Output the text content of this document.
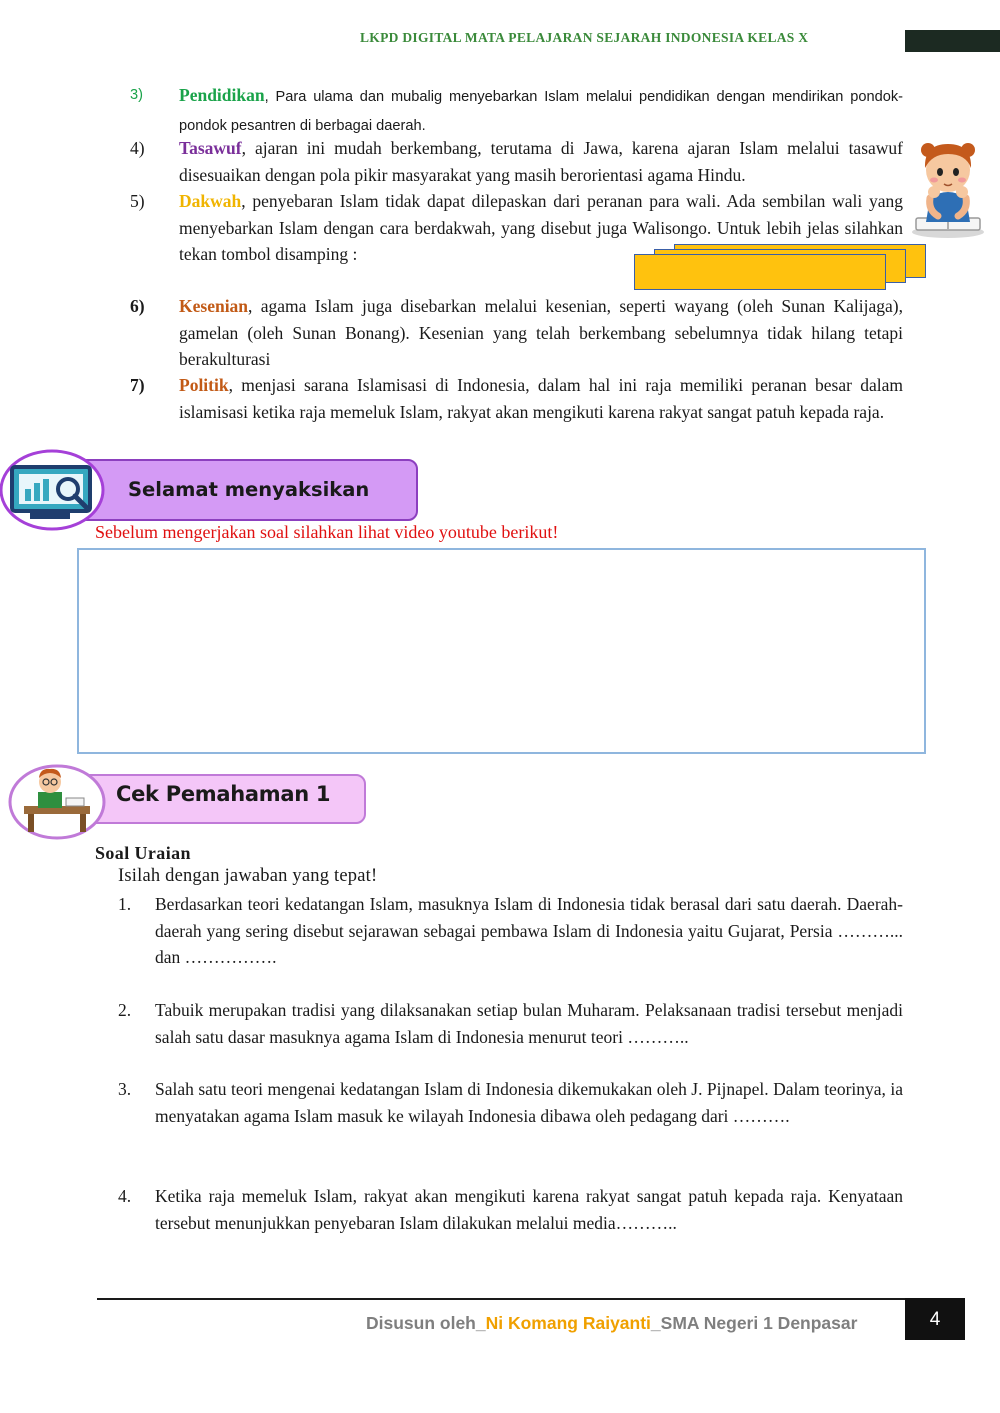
LKPD DIGITAL MATA PELAJARAN SEJARAH INDONESIA KELAS X
3) Pendidikan, Para ulama dan mubalig menyebarkan Islam melalui pendidikan dengan mendirikan pondok-pondok pesantren di berbagai daerah.
4) Tasawuf, ajaran ini mudah berkembang, terutama di Jawa, karena ajaran Islam melalui tasawuf disesuaikan dengan pola pikir masyarakat yang masih berorientasi agama Hindu.
5) Dakwah, penyebaran Islam tidak dapat dilepaskan dari peranan para wali. Ada sembilan wali yang menyebarkan Islam dengan cara berdakwah, yang disebut juga Walisongo. Untuk lebih jelas silahkan tekan tombol disamping :
6) Kesenian, agama Islam juga disebarkan melalui kesenian, seperti wayang (oleh Sunan Kalijaga), gamelan (oleh Sunan Bonang). Kesenian yang telah berkembang sebelumnya tidak hilang tetapi berakulturasi
7) Politik, menjasi sarana Islamisasi di Indonesia, dalam hal ini raja memiliki peranan besar dalam islamisasi ketika raja memeluk Islam, rakyat akan mengikuti karena rakyat sangat patuh kepada raja.
Selamat menyaksikan
Sebelum mengerjakan soal silahkan lihat video youtube berikut!
Cek Pemahaman 1
Soal Uraian
Isilah dengan jawaban yang tepat!
1. Berdasarkan teori kedatangan Islam, masuknya Islam di Indonesia tidak berasal dari satu daerah. Daerah-daerah yang sering disebut sejarawan sebagai pembawa Islam di Indonesia yaitu Gujarat, Persia ………... dan …………….
2. Tabuik merupakan tradisi yang dilaksanakan setiap bulan Muharam. Pelaksanaan tradisi tersebut menjadi salah satu dasar masuknya agama Islam di Indonesia menurut teori ………..
3. Salah satu teori mengenai kedatangan Islam di Indonesia dikemukakan oleh J. Pijnapel. Dalam teorinya, ia menyatakan agama Islam masuk ke wilayah Indonesia dibawa oleh pedagang dari ……….
4. Ketika raja memeluk Islam, rakyat akan mengikuti karena rakyat sangat patuh kepada raja. Kenyataan tersebut menunjukkan penyebaran Islam dilakukan melalui media………..
Disusun oleh_Ni Komang Raiyanti_SMA Negeri 1 Denpasar	4
